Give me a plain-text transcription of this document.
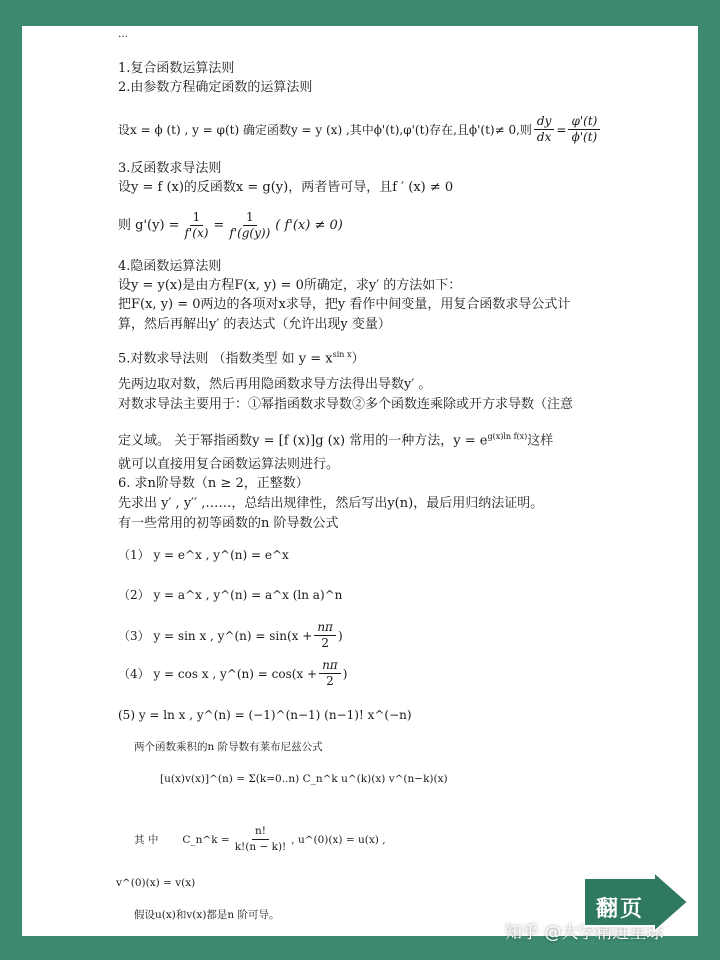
…
1.复合函数运算法则
2.由参数方程确定函数的运算法则
设x = ϕ (t) , y = φ(t) 确定函数y = y (x) ,其中ϕ'(t),φ'(t)存在,且ϕ'(t)≠ 0,则 $\frac{dy}{dx} = \frac{\varphi'(t)}{\phi'(t)}$
3.反函数求导法则
设y = f (x)的反函数x = g(y)，两者皆可导，且f ′ (x) ≠ 0
则 $g'(y) = \frac{1}{f'(x)} = \frac{1}{f'(g(y))}$ ( f'(x) ≠ 0)
4.隐函数运算法则
设y = y(x)是由方程F(x, y) = 0所确定，求y′ 的方法如下：
把F(x, y) = 0两边的各项对x求导，把y 看作中间变量，用复合函数求导公式计
算，然后再解出y′ 的表达式（允许出现y 变量）
5.对数求导法则 （指数类型 如 $y = x^{sin x}$）
先两边取对数，然后再用隐函数求导方法得出导数y′ 。
对数求导法主要用于：①幂指函数求导数②多个函数连乘除或开方求导数（注意
定义域。 关于幂指函数y = [f (x)]g (x) 常用的一种方法，$y = e^{g(x)ln f(x)}$这样
就可以直接用复合函数运算法则进行。
6. 求n阶导数（n ≥ 2，正整数）
先求出 y′ , y′′ ,……，总结出规律性，然后写出y(n)，最后用归纳法证明。
有一些常用的初等函数的n 阶导数公式
（1） y = e^x , y^(n) = e^x
（2） y = a^x , y^(n) = a^x (ln a)^n
（3） y = sin x , y^(n) = $\sin(x + \frac{n\pi}{2}$ )
（4） y = cos x , y^(n) = $\cos(x + \frac{n\pi}{2}$ )
(5) y = ln x , y^(n) = (−1)^(n−1) (n−1)! x^(−n)
两个函数乘积的n 阶导数有莱布尼兹公式
[u(x)v(x)]^(n) = Σ(k=0..n) C_n^k u^(k)(x) v^(n−k)(x)
其 中 C_n^k = $\frac{n!}{k!(n - k)!}$ , u^(0)(x) = u(x) ,
v^(0)(x) = v(x)
假设u(x)和v(x)都是n 阶可导。
知乎 @大学精进星球
翻页
